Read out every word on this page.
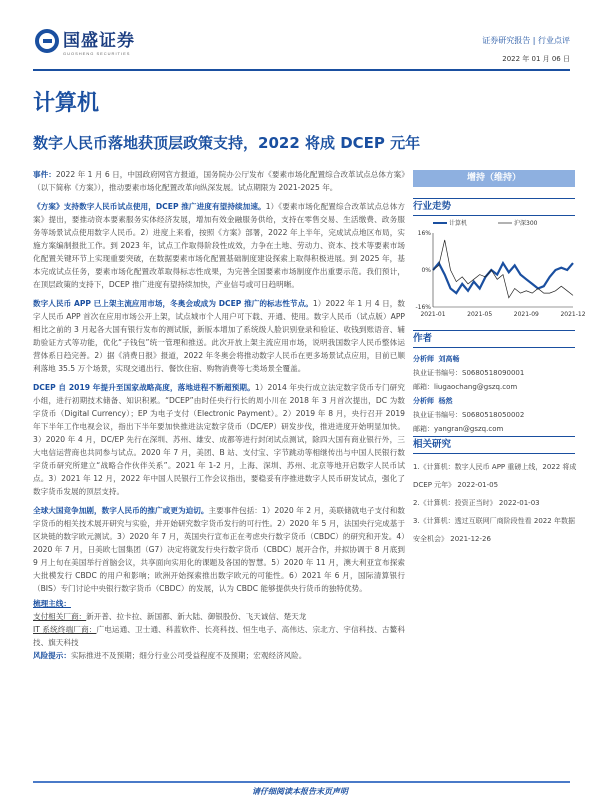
国盛证券
GUOSHENG SECURITIES
证券研究报告 | 行业点评
2022 年 01 月 06 日
计算机
数字人民币落地获顶层政策支持，2022 将成 DCEP 元年

事件：2022 年 1 月 6 日，中国政府网官方报道，国务院办公厅发布《要素市场化配置综合改革试点总体方案》（以下简称《方案》），推动要素市场化配置改革向纵深发展。试点期限为 2021-2025 年。

《方案》支持数字人民币试点使用，DCEP 推广进度有望持续加速。1）《要素市场化配置综合改革试点总体方案》提出，要推动资本要素服务实体经济发展，增加有效金融服务供给，支持在零售交易、生活缴费、政务服务等场景试点使用数字人民币。2）进度上来看，按照《方案》部署，2022 年上半年，完成试点地区布局，实施方案编制报批工作。到 2023 年，试点工作取得阶段性成效，力争在土地、劳动力、资本、技术等要素市场化配置关键环节上实现重要突破，在数据要素市场化配置基础制度建设探索上取得积极进展。到 2025 年，基本完成试点任务，要素市场化配置改革取得标志性成果，为完善全国要素市场制度作出重要示范。我们预计，在顶层政策的支持下，DCEP 推广进度有望持续加快，产业信号或可日趋明晰。

数字人民币 APP 已上架主流应用市场，冬奥会或成为 DCEP 推广的标志性节点。1）2022 年 1 月 4 日，数字人民币 APP 首次在应用市场公开上架，试点城市个人用户可下载、开通、使用。数字人民币（试点版）APP 相比之前的 3 月起各大国有银行发布的测试版，新版本增加了系统级人脸识别登录和验证、收钱到账语音、辅助验证方式等功能，优化“子钱包”统一管理和推送。此次开放上架主流应用市场，说明我国数字人民币整体运营体系日趋完善。2）据《消费日报》报道，2022 年冬奥会将推动数字人民币在更多场景试点应用，目前已顺利落地 35.5 万个场景，实现交通出行、餐饮住宿、购物消费等七类场景全覆盖。

DCEP 自 2019 年提升至国家战略高度，落地进程不断超预期。1）2014 年央行成立法定数字货币专门研究小组，进行初期技术储备、知识积累。“DCEP”由时任央行行长的周小川在 2018 年 3 月首次提出，DC 为数字货币（Digital Currency）；EP 为电子支付（Electronic Payment）。2）2019 年 8 月，央行召开 2019 年下半年工作电视会议，指出下半年要加快推进法定数字货币（DC/EP）研发步伐，推进进度开始明显加快。3）2020 年 4 月，DC/EP 先行在深圳、苏州、雄安、成都等进行封闭试点测试，除四大国有商业银行外，三大电信运营商也共同参与试点。2020 年 7 月，美团、B 站、支付宝、字节跳动等相继传出与中国人民银行数字货币研究所建立“战略合作伙伴关系”。2021 年 1-2 月，上海、深圳、苏州、北京等地开启数字人民币试点。3）2021 年 12 月，2022 年中国人民银行工作会议指出，要稳妥有序推进数字人民币研发试点，强化了数字货币发展的顶层支持。

全球大国竞争加剧，数字人民币的推广或更为迫切。主要事件包括：1）2020 年 2 月，美联储就电子支付和数字货币的相关技术展开研究与实验，并开始研究数字货币发行的可行性。2）2020 年 5 月，法国央行完成基于区块链的数字欧元测试。3）2020 年 7 月，英国央行宣布正在考虑央行数字货币（CBDC）的研究和开发。4）2020 年 7 月，日美欧七国集团（G7）决定将就发行央行数字货币（CBDC）展开合作，并拟协调于 8 月底到 9 月上旬在美国举行首脑会议，共享面向实用化的课题及各国的智慧。5）2020 年 11 月，澳大利亚宣布探索大批模发行 CBDC 的用户和影响；欧洲开始探索推出数字欧元的可能性。6）2021 年 6 月，国际清算银行（BIS）专门讨论中央银行数字货币（CBDC）的发展，认为 CBDC 能够提供央行货币的独特优势。

梳理主线：
支付相关厂商：新开普、拉卡拉、新国都、新大陆、御银股份、飞天诚信、楚天龙
IT 系统终端厂商：广电运通、卫士通、科蓝软件、长亮科技、恒生电子、高伟达、宗北方、宇信科技、古鳌科技、旗天科技
风险提示：实际推进不及预期；细分行业公司受益程度不及预期；宏观经济风险。
增持（维持）
行业走势
16%
0%
-16%
2021-01	2021-05	2021-09	2021-12
计算机	沪深300
作者
分析师 刘高畅
执业证书编号：S0680518090001
邮箱：liugaochang@gszq.com
分析师 杨然
执业证书编号：S0680518050002
邮箱：yangran@gszq.com
相关研究
1.《计算机：数字人民币 APP 重磅上线，2022 将成 DCEP 元年》 2022-01-05
2.《计算机：投资正当时》 2022-01-03
3.《计算机：透过互联网厂商阶段性看 2022 年数据安全机会》 2021-12-26
请仔细阅读本报告末页声明
